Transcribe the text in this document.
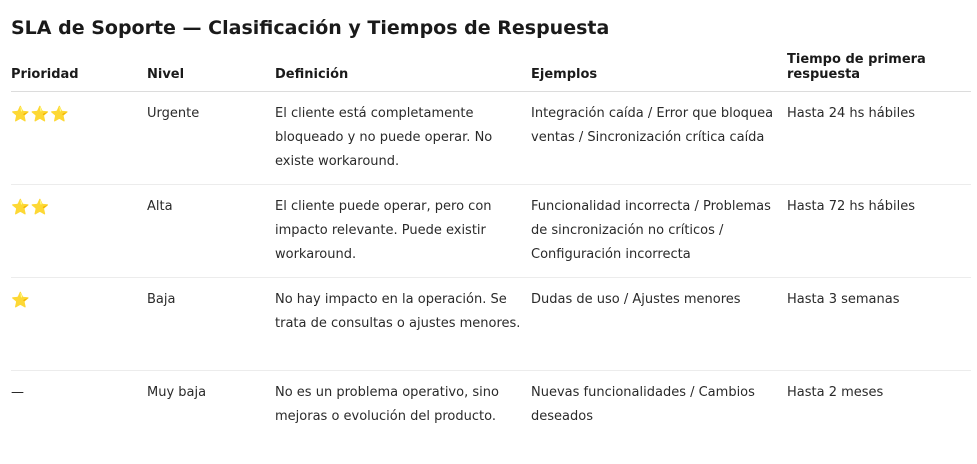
SLA de Soporte — Clasificación y Tiempos de Respuesta
Prioridad	Nivel	Definición	Ejemplos	Tiempo de primera respuesta
⭐⭐⭐	Urgente	El cliente está completamente bloqueado y no puede operar. No existe workaround.	Integración caída / Error que bloquea ventas / Sincronización crítica caída	Hasta 24 hs hábiles
⭐⭐	Alta	El cliente puede operar, pero con impacto relevante. Puede existir workaround.	Funcionalidad incorrecta / Problemas de sincronización no críticos / Configuración incorrecta	Hasta 72 hs hábiles
⭐	Baja	No hay impacto en la operación. Se trata de consultas o ajustes menores.	Dudas de uso / Ajustes menores	Hasta 3 semanas
—	Muy baja	No es un problema operativo, sino mejoras o evolución del producto.	Nuevas funcionalidades / Cambios deseados	Hasta 2 meses
